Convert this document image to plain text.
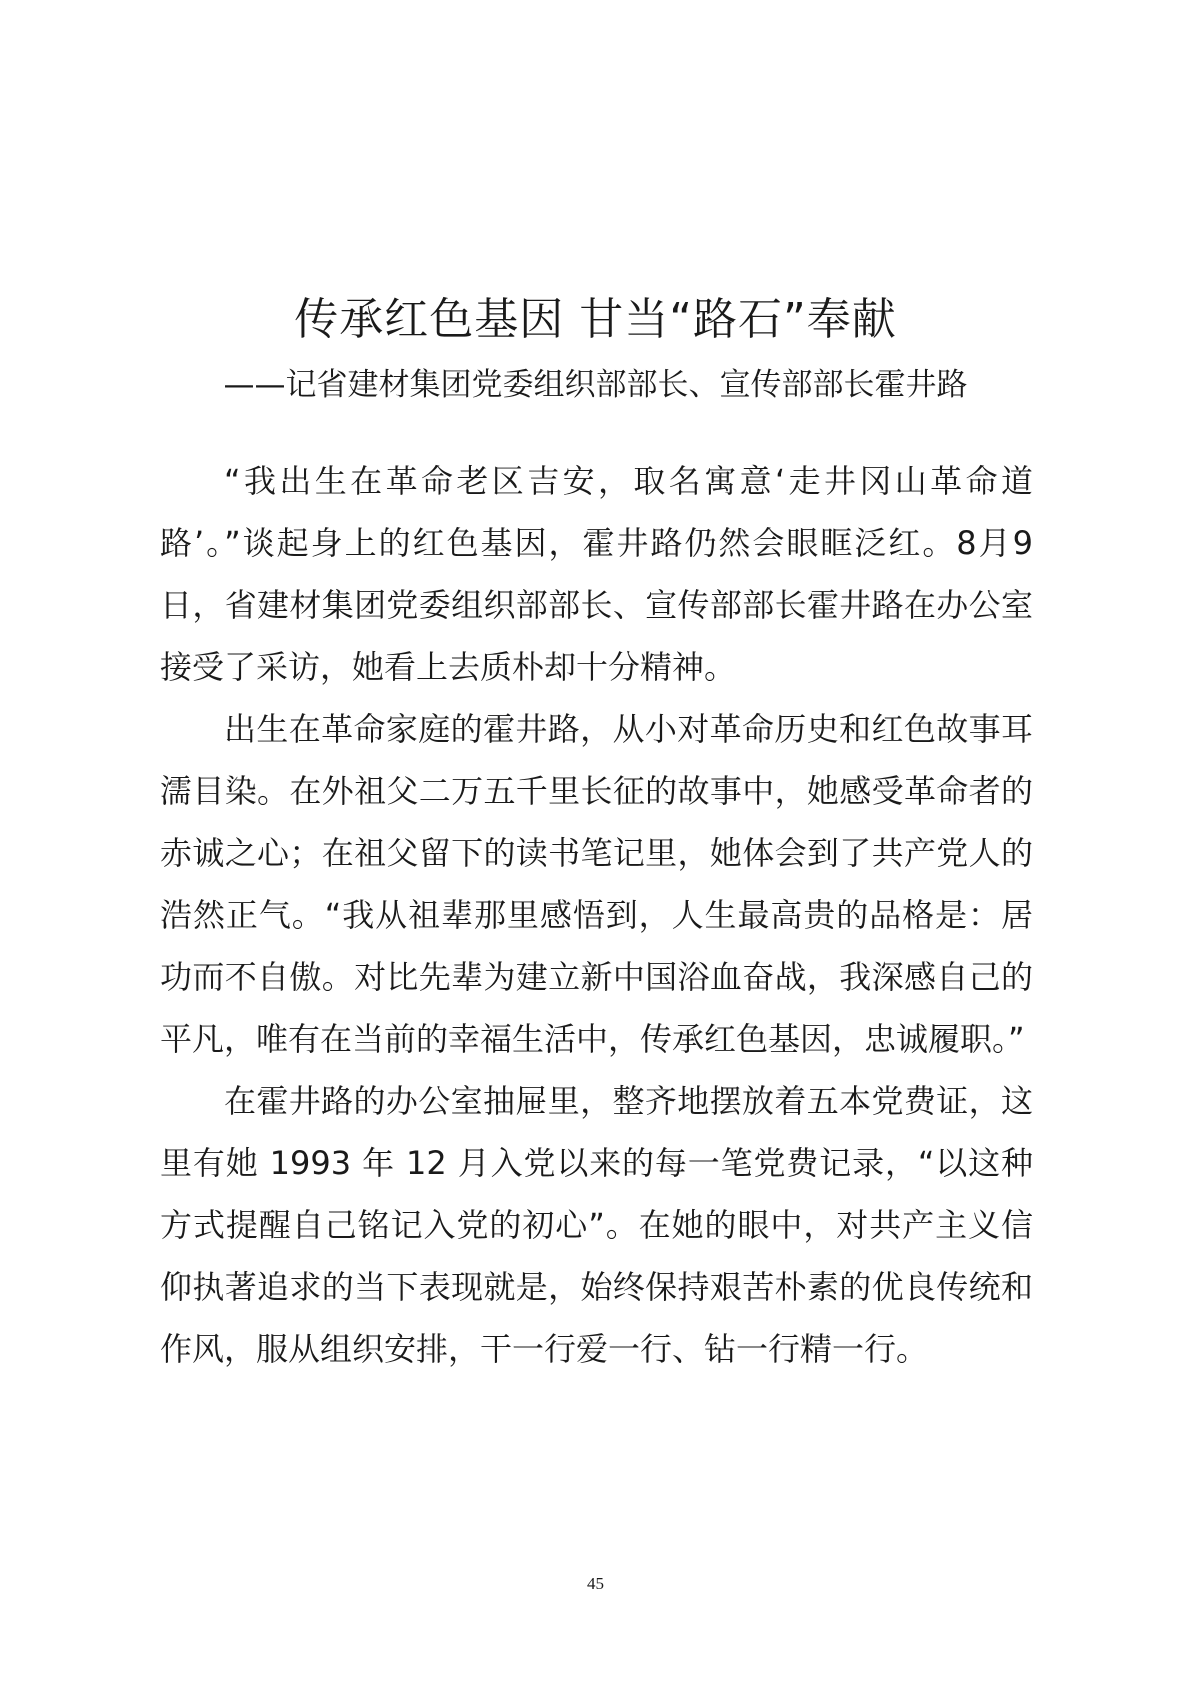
传承红色基因 甘当“路石”奉献
——记省建材集团党委组织部部长、宣传部部长霍井路

“我出生在革命老区吉安，取名寓意‘走井冈山革命道路’。”谈起身上的红色基因，霍井路仍然会眼眶泛红。8月9日，省建材集团党委组织部部长、宣传部部长霍井路在办公室接受了采访，她看上去质朴却十分精神。

出生在革命家庭的霍井路，从小对革命历史和红色故事耳濡目染。在外祖父二万五千里长征的故事中，她感受革命者的赤诚之心；在祖父留下的读书笔记里，她体会到了共产党人的浩然正气。“我从祖辈那里感悟到，人生最高贵的品格是：居功而不自傲。对比先辈为建立新中国浴血奋战，我深感自己的平凡，唯有在当前的幸福生活中，传承红色基因，忠诚履职。”

在霍井路的办公室抽屉里，整齐地摆放着五本党费证，这里有她 1993 年 12 月入党以来的每一笔党费记录，“以这种方式提醒自己铭记入党的初心”。在她的眼中，对共产主义信仰执著追求的当下表现就是，始终保持艰苦朴素的优良传统和作风，服从组织安排，干一行爱一行、钻一行精一行。

45
